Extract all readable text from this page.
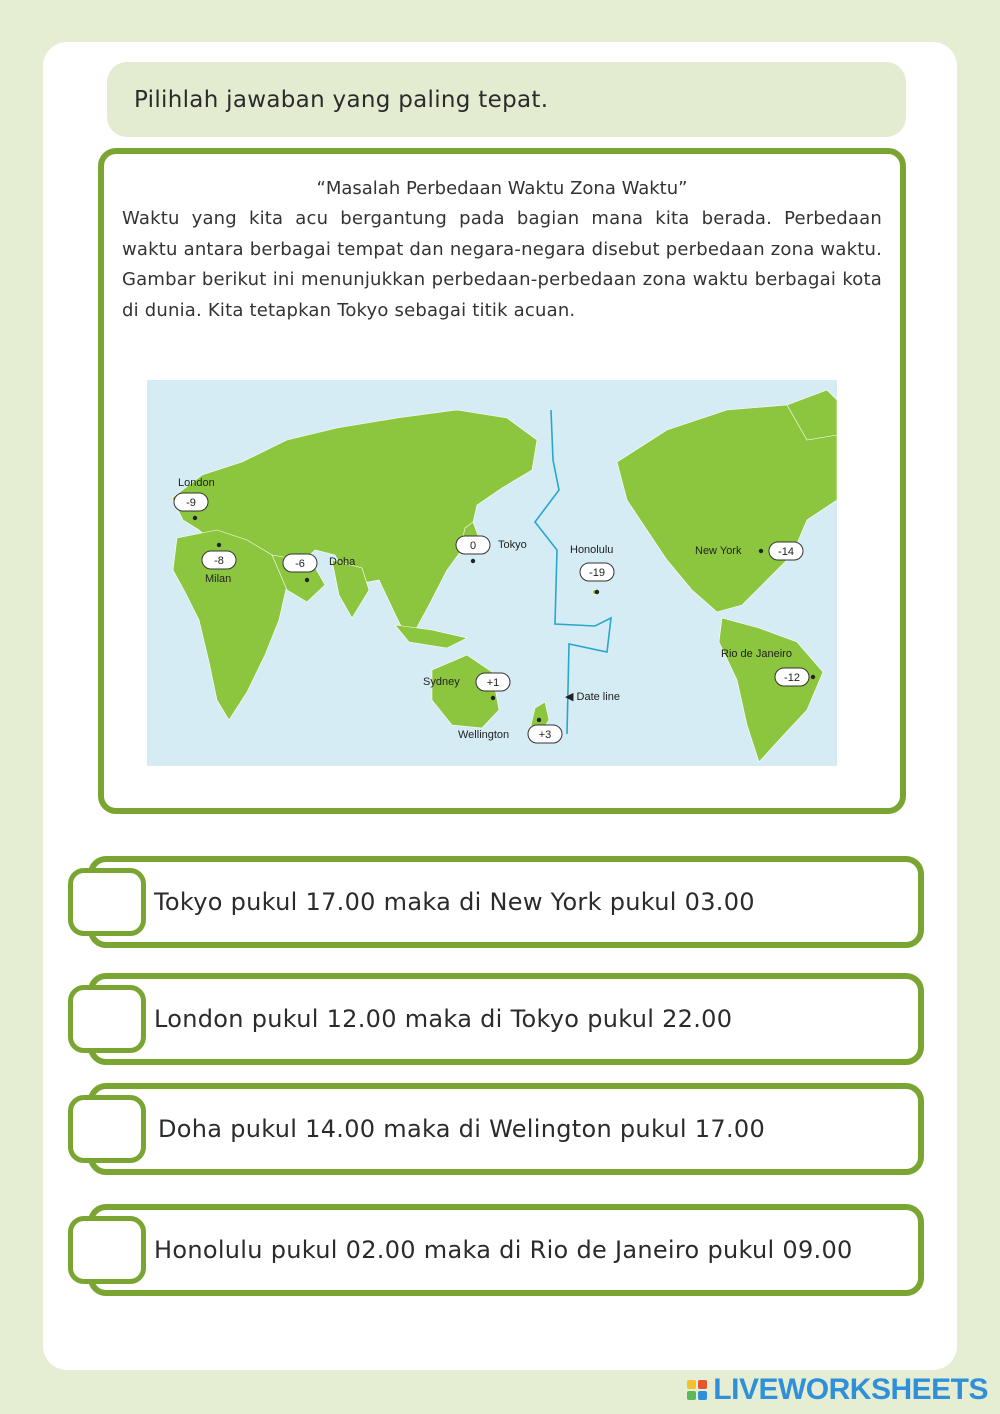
Pilihlah jawaban yang paling tepat.
“Masalah Perbedaan Waktu Zona Waktu”
Waktu yang kita acu bergantung pada bagian mana kita berada. Perbedaan waktu antara berbagai tempat dan negara-negara disebut perbedaan zona waktu. Gambar berikut ini menunjukkan perbedaan-perbedaan zona waktu berbagai kota di dunia. Kita tetapkan Tokyo sebagai titik acuan.
London
-9
Milan
-8	Doha
-6
Tokyo
0	Honolulu
-19
New York	-14
Rio de Janeiro
-12
Sydney +1
Wellington	+3
◀ Date line
Tokyo pukul 17.00 maka di New York pukul 03.00
London pukul 12.00 maka di Tokyo pukul 22.00
Doha pukul 14.00 maka di Welington pukul 17.00
Honolulu pukul 02.00 maka di Rio de Janeiro pukul 09.00
LIVEWORKSHEETS
